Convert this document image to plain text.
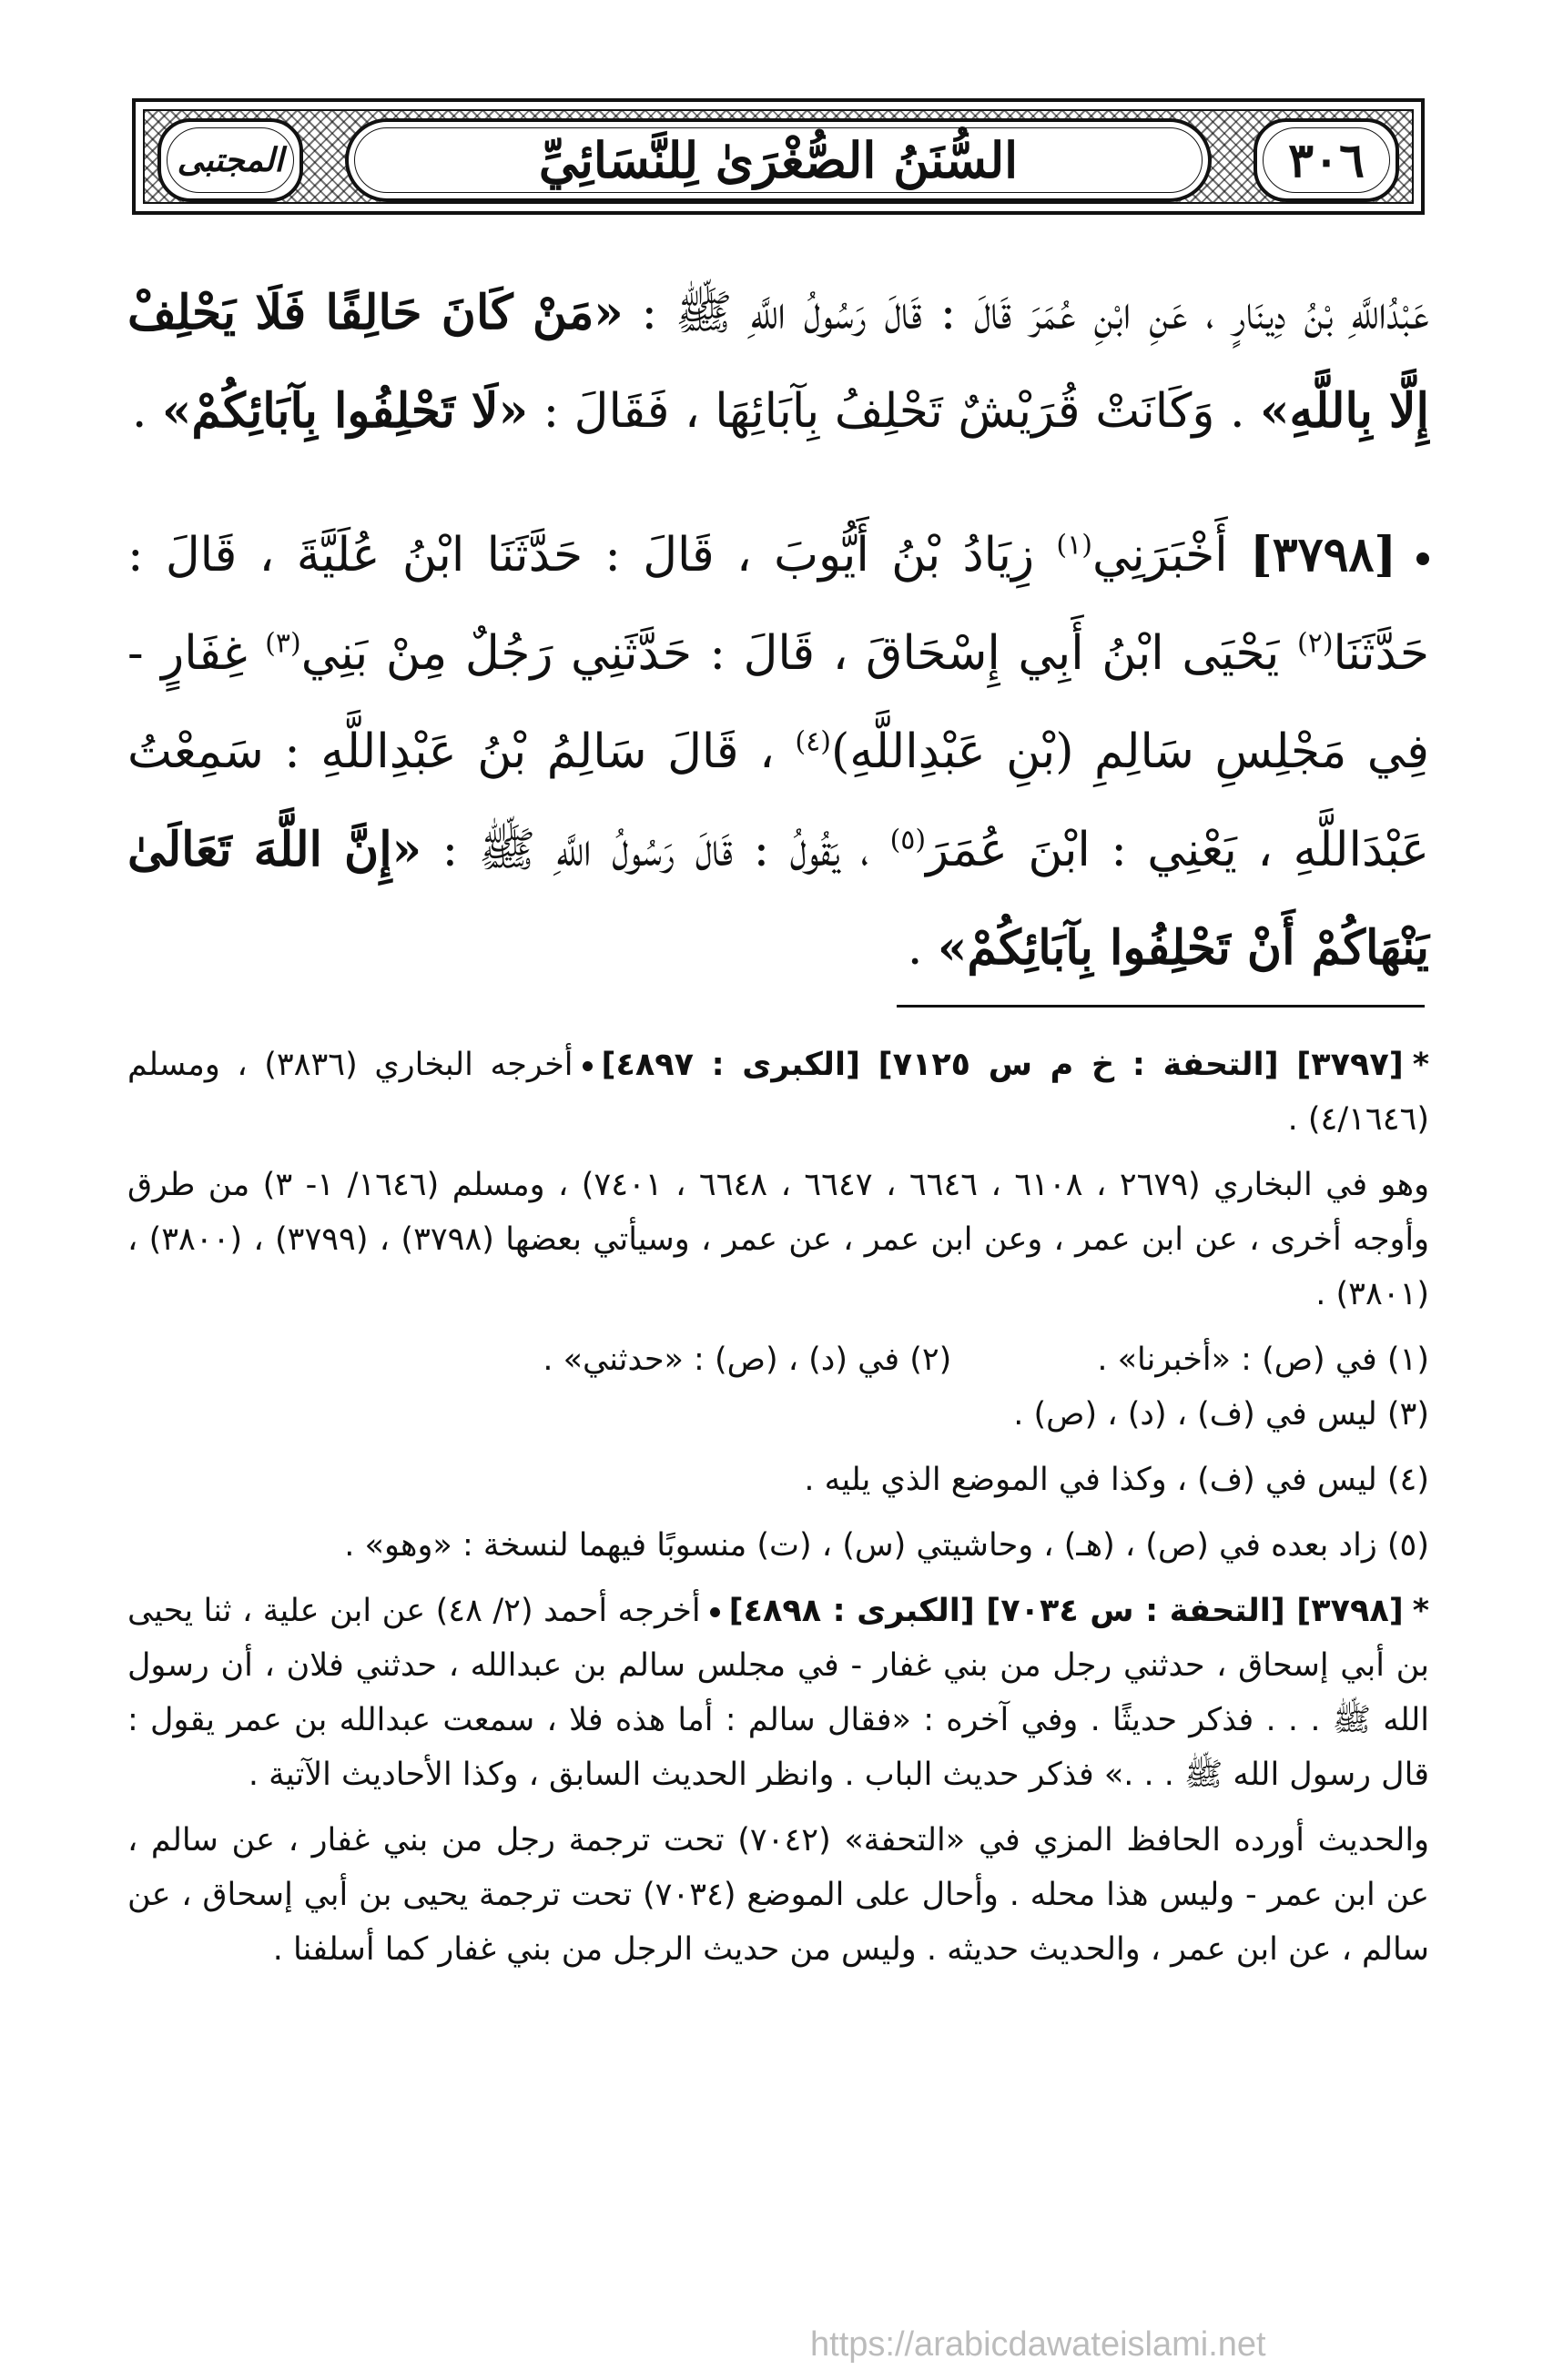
٣٠٦
السُّنَنُ الصُّغْرَىٰ لِلنَّسَائِيِّ
المجتبى

عَبْدُاللَّهِ بْنُ دِينَارٍ ، عَنِ ابْنِ عُمَرَ قَالَ : قَالَ رَسُولُ اللَّهِ ﷺ : «مَنْ كَانَ حَالِفًا فَلَا يَحْلِفْ إِلَّا بِاللَّهِ» . وَكَانَتْ قُرَيْشٌ تَحْلِفُ بِآبَائِهَا ، فَقَالَ : «لَا تَحْلِفُوا بِآبَائِكُمْ» .

[٣٧٩٨] أَخْبَرَنِي$^{(١)}$ زِيَادُ بْنُ أَيُّوبَ ، قَالَ : حَدَّثَنَا ابْنُ عُلَيَّةَ ، قَالَ : حَدَّثَنَا$^{(٢)}$ يَحْيَى ابْنُ أَبِي إِسْحَاقَ ، قَالَ : حَدَّثَنِي رَجُلٌ مِنْ بَنِي$^{(٣)}$ غِفَارٍ - فِي مَجْلِسِ سَالِمِ (بْنِ عَبْدِاللَّهِ)$^{(٤)}$ ، قَالَ سَالِمُ بْنُ عَبْدِاللَّهِ : سَمِعْتُ عَبْدَاللَّهِ ، يَعْنِي : ابْنَ عُمَرَ$^{(٥)}$ ، يَقُولُ : قَالَ رَسُولُ اللَّهِ ﷺ : «إِنَّ اللَّهَ تَعَالَىٰ يَنْهَاكُمْ أَنْ تَحْلِفُوا بِآبَائِكُمْ» .

*[٣٧٩٧] [التحفة : خ م س ٧١٢٥] [الكبرى : ٤٨٩٧]أخرجه البخاري (٣٨٣٦) ، ومسلم (٤/١٦٤٦) .

وهو في البخاري (٢٦٧٩ ، ٦١٠٨ ، ٦٦٤٦ ، ٦٦٤٧ ، ٦٦٤٨ ، ٧٤٠١) ، ومسلم (١٦٤٦/ ١- ٣) من طرق وأوجه أخرى ، عن ابن عمر ، وعن ابن عمر ، عن عمر ، وسيأتي بعضها (٣٧٩٨) ، (٣٧٩٩) ، (٣٨٠٠) ، (٣٨٠١) .

(١) في (ص) : «أخبرنا» .

(٢) في (د) ، (ص) : «حدثني» .

(٣) ليس في (ف) ، (د) ، (ص) .

(٤) ليس في (ف) ، وكذا في الموضع الذي يليه .

(٥) زاد بعده في (ص) ، (هـ) ، وحاشيتي (س) ، (ت) منسوبًا فيهما لنسخة : «وهو» .

*[٣٧٩٨] [التحفة : س ٧٠٣٤] [الكبرى : ٤٨٩٨]أخرجه أحمد (٢/ ٤٨) عن ابن علية ، ثنا يحيى بن أبي إسحاق ، حدثني رجل من بني غفار - في مجلس سالم بن عبدالله ، حدثني فلان ، أن رسول الله ﷺ . . . فذكر حديثًا . وفي آخره : «فقال سالم : أما هذه فلا ، سمعت عبدالله بن عمر يقول : قال رسول الله ﷺ . . .» فذكر حديث الباب . وانظر الحديث السابق ، وكذا الأحاديث الآتية .

والحديث أورده الحافظ المزي في «التحفة» (٧٠٤٢) تحت ترجمة رجل من بني غفار ، عن سالم ، عن ابن عمر - وليس هذا محله . وأحال على الموضع (٧٠٣٤) تحت ترجمة يحيى بن أبي إسحاق ، عن سالم ، عن ابن عمر ، والحديث حديثه . وليس من حديث الرجل من بني غفار كما أسلفنا .

https://arabicdawateislami.net
